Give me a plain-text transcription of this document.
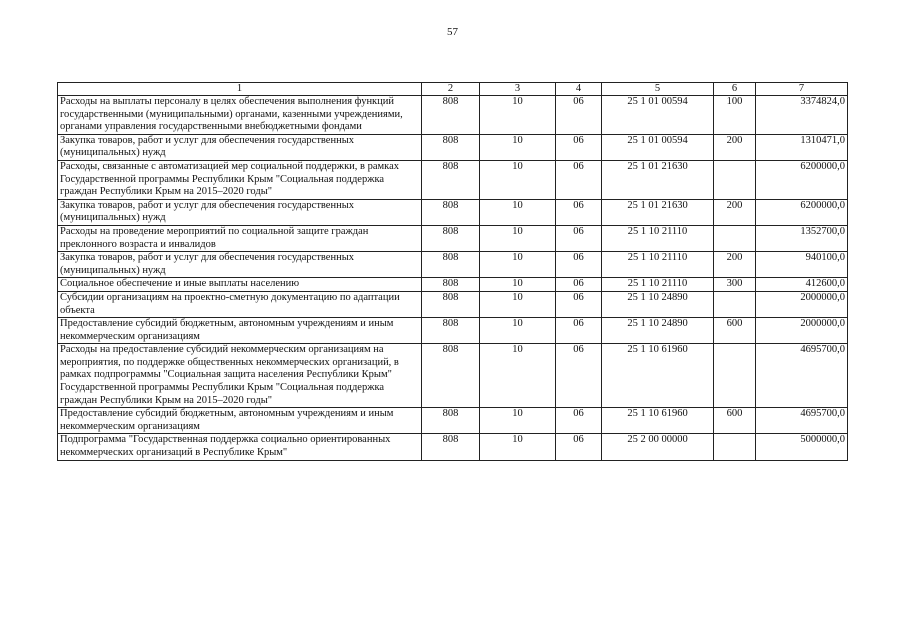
57
1	2	3	4	5	6	7
Расходы на выплаты персоналу в целях обеспечения выполнения функций государственными (муниципальными) органами, казенными учреждениями, органами управления государственными внебюджетными фондами	808	10	06	25 1 01 00594	100	3374824,0
Закупка товаров, работ и услуг для обеспечения государственных (муниципальных) нужд	808	10	06	25 1 01 00594	200	1310471,0
Расходы, связанные с автоматизацией мер социальной поддержки, в рамках Государственной программы Республики Крым "Социальная поддержка граждан Республики Крым на 2015–2020 годы"	808	10	06	25 1 01 21630		6200000,0
Закупка товаров, работ и услуг для обеспечения государственных (муниципальных) нужд	808	10	06	25 1 01 21630	200	6200000,0
Расходы на проведение мероприятий по социальной защите граждан преклонного возраста и инвалидов	808	10	06	25 1 10 21110		1352700,0
Закупка товаров, работ и услуг для обеспечения государственных (муниципальных) нужд	808	10	06	25 1 10 21110	200	940100,0
Социальное обеспечение и иные выплаты населению	808	10	06	25 1 10 21110	300	412600,0
Субсидии организациям на проектно-сметную документацию по адаптации объекта	808	10	06	25 1 10 24890		2000000,0
Предоставление субсидий бюджетным, автономным учреждениям и иным некоммерческим организациям	808	10	06	25 1 10 24890	600	2000000,0
Расходы на предоставление субсидий некоммерческим организациям на мероприятия, по поддержке общественных некоммерческих организаций, в рамках подпрограммы "Социальная защита населения Республики Крым" Государственной программы Республики Крым "Социальная поддержка граждан Республики Крым на 2015–2020 годы"	808	10	06	25 1 10 61960		4695700,0
Предоставление субсидий бюджетным, автономным учреждениям и иным некоммерческим организациям	808	10	06	25 1 10 61960	600	4695700,0
Подпрограмма "Государственная поддержка социально ориентированных некоммерческих организаций в Республике Крым"	808	10	06	25 2 00 00000		5000000,0
